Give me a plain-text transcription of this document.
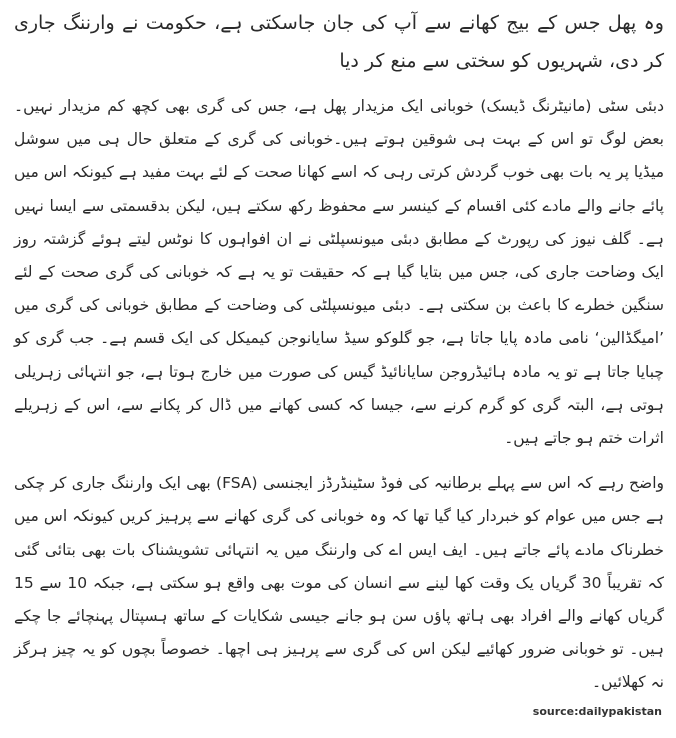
وہ پھل جس کے بیج کھانے سے آپ کی جان جاسکتی ہے، حکومت نے وارننگ جاری کر دی، شہریوں کو سختی سے منع کر دیا

دبئی سٹی (مانیٹرنگ ڈیسک) خوبانی ایک مزیدار پھل ہے، جس کی گری بھی کچھ کم مزیدار نہیں۔ بعض لوگ تو اس کے بہت ہی شوقین ہوتے ہیں۔خوبانی کی گری کے متعلق حال ہی میں سوشل میڈیا پر یہ بات بھی خوب گردش کرتی رہی کہ اسے کھانا صحت کے لئے بہت مفید ہے کیونکہ اس میں پائے جانے والے مادے کئی اقسام کے کینسر سے محفوظ رکھ سکتے ہیں، لیکن بدقسمتی سے ایسا نہیں ہے۔ گلف نیوز کی رپورٹ کے مطابق دبئی میونسپلٹی نے ان افواہوں کا نوٹس لیتے ہوئے گزشتہ روز ایک وضاحت جاری کی، جس میں بتایا گیا ہے کہ حقیقت تو یہ ہے کہ خوبانی کی گری صحت کے لئے سنگین خطرے کا باعث بن سکتی ہے۔ دبئی میونسپلٹی کی وضاحت کے مطابق خوبانی کی گری میں ’امیگڈالین‘ نامی مادہ پایا جاتا ہے، جو گلوکو سیڈ سایانوجن کیمیکل کی ایک قسم ہے۔ جب گری کو چبایا جاتا ہے تو یہ مادہ ہائیڈروجن سایانائیڈ گیس کی صورت میں خارج ہوتا ہے، جو انتہائی زہریلی ہوتی ہے، البتہ گری کو گرم کرنے سے، جیسا کہ کسی کھانے میں ڈال کر پکانے سے، اس کے زہریلے اثرات ختم ہو جاتے ہیں۔

واضح رہے کہ اس سے پہلے برطانیہ کی فوڈ سٹینڈرڈز ایجنسی (FSA) بھی ایک وارننگ جاری کر چکی ہے جس میں عوام کو خبردار کیا گیا تھا کہ وہ خوبانی کی گری کھانے سے پرہیز کریں کیونکہ اس میں خطرناک مادے پائے جاتے ہیں۔ ایف ایس اے کی وارننگ میں یہ انتہائی تشویشناک بات بھی بتائی گئی کہ تقریباً 30 گریاں یک وقت کھا لینے سے انسان کی موت بھی واقع ہو سکتی ہے، جبکہ 10 سے 15 گریاں کھانے والے افراد بھی ہاتھ پاؤں سن ہو جانے جیسی شکایات کے ساتھ ہسپتال پہنچائے جا چکے ہیں۔ تو خوبانی ضرور کھائیے لیکن اس کی گری سے پرہیز ہی اچھا۔ خصوصاً بچوں کو یہ چیز ہرگز نہ کھلائیں۔

source:dailypakistan
